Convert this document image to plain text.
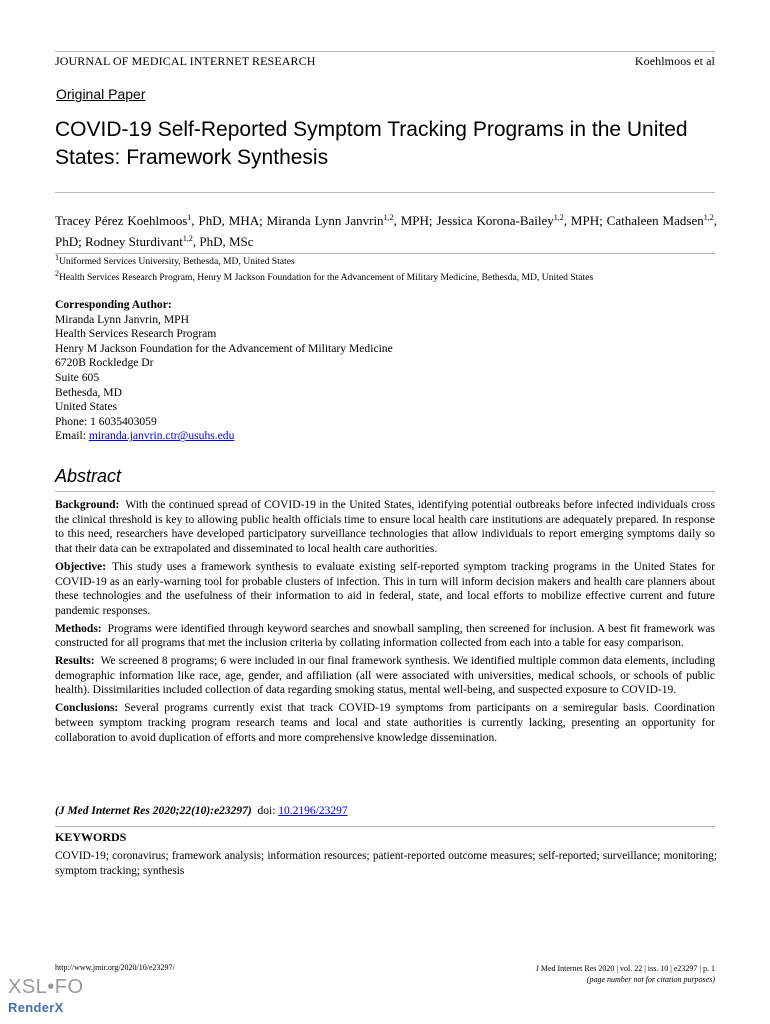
JOURNAL OF MEDICAL INTERNET RESEARCH	Koehlmoos et al
Original Paper
COVID-19 Self-Reported Symptom Tracking Programs in the United States: Framework Synthesis
Tracey Pérez Koehlmoos$^1$, PhD, MHA; Miranda Lynn Janvrin$^{1,2}$, MPH; Jessica Korona-Bailey$^{1,2}$, MPH; Cathaleen Madsen$^{1,2}$, PhD; Rodney Sturdivant$^{1,2}$, PhD, MSc
$^1$Uniformed Services University, Bethesda, MD, United States
$^2$Health Services Research Program, Henry M Jackson Foundation for the Advancement of Military Medicine, Bethesda, MD, United States
Corresponding Author:
Miranda Lynn Janvrin, MPH
Health Services Research Program
Henry M Jackson Foundation for the Advancement of Military Medicine
6720B Rockledge Dr
Suite 605
Bethesda, MD
United States
Phone: 1 6035403059
Email: miranda.janvrin.ctr@usuhs.edu
Abstract

Background: With the continued spread of COVID-19 in the United States, identifying potential outbreaks before infected individuals cross the clinical threshold is key to allowing public health officials time to ensure local health care institutions are adequately prepared. In response to this need, researchers have developed participatory surveillance technologies that allow individuals to report emerging symptoms daily so that their data can be extrapolated and disseminated to local health care authorities.

Objective: This study uses a framework synthesis to evaluate existing self-reported symptom tracking programs in the United States for COVID-19 as an early-warning tool for probable clusters of infection. This in turn will inform decision makers and health care planners about these technologies and the usefulness of their information to aid in federal, state, and local efforts to mobilize effective current and future pandemic responses.

Methods: Programs were identified through keyword searches and snowball sampling, then screened for inclusion. A best fit framework was constructed for all programs that met the inclusion criteria by collating information collected from each into a table for easy comparison.

Results: We screened 8 programs; 6 were included in our final framework synthesis. We identified multiple common data elements, including demographic information like race, age, gender, and affiliation (all were associated with universities, medical schools, or schools of public health). Dissimilarities included collection of data regarding smoking status, mental well-being, and suspected exposure to COVID-19.

Conclusions: Several programs currently exist that track COVID-19 symptoms from participants on a semiregular basis. Coordination between symptom tracking program research teams and local and state authorities is currently lacking, presenting an opportunity for collaboration to avoid duplication of efforts and more comprehensive knowledge dissemination.

(J Med Internet Res 2020;22(10):e23297) doi: 10.2196/23297
KEYWORDS
COVID-19; coronavirus; framework analysis; information resources; patient-reported outcome measures; self-reported; surveillance; monitoring; symptom tracking; synthesis
http://www.jmir.org/2020/10/e23297/	J Med Internet Res 2020 | vol. 22 | iss. 10 | e23297 | p. 1
(page number not for citation purposes)
XSL•FO
RenderX
